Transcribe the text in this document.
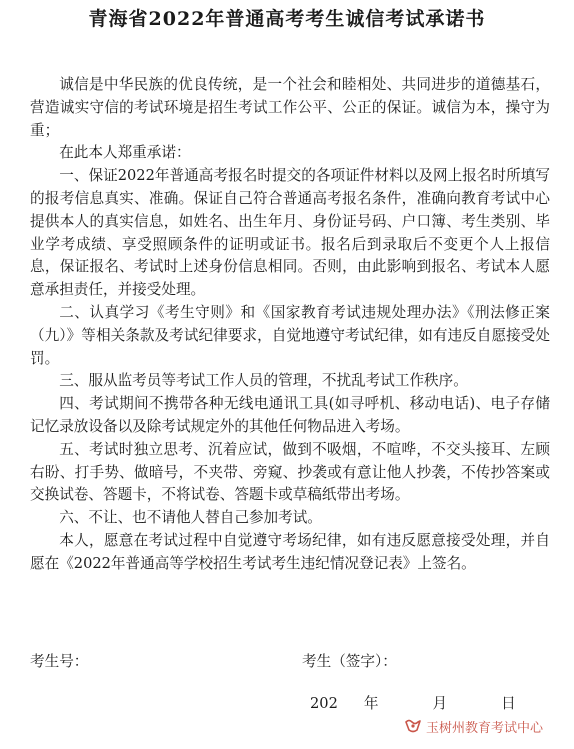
青海省2022年普通高考考生诚信考试承诺书

诚信是中华民族的优良传统，是一个社会和睦相处、共同进步的道德基石，营造诚实守信的考试环境是招生考试工作公平、公正的保证。诚信为本，操守为重；

在此本人郑重承诺：

一、保证2022年普通高考报名时提交的各项证件材料以及网上报名时所填写的报考信息真实、准确。保证自己符合普通高考报名条件，准确向教育考试中心提供本人的真实信息，如姓名、出生年月、身份证号码、户口簿、考生类别、毕业学考成绩、享受照顾条件的证明或证书。报名后到录取后不变更个人上报信息，保证报名、考试时上述身份信息相同。否则，由此影响到报名、考试本人愿意承担责任，并接受处理。

二、认真学习《考生守则》和《国家教育考试违规处理办法》《刑法修正案（九）》等相关条款及考试纪律要求，自觉地遵守考试纪律，如有违反自愿接受处罚。

三、服从监考员等考试工作人员的管理，不扰乱考试工作秩序。

四、考试期间不携带各种无线电通讯工具(如寻呼机、移动电话)、电子存储记忆录放设备以及除考试规定外的其他任何物品进入考场。

五、考试时独立思考、沉着应试，做到不吸烟，不喧哗，不交头接耳、左顾右盼、打手势、做暗号，不夹带、旁窥、抄袭或有意让他人抄袭，不传抄答案或交换试卷、答题卡，不将试卷、答题卡或草稿纸带出考场。

六、不让、也不请他人替自己参加考试。

本人，愿意在考试过程中自觉遵守考场纪律，如有违反愿意接受处理，并自愿在《2022年普通高等学校招生考试考生违纪情况登记表》上签名。

考生号：	考生（签字）：
202 年	月	日
玉树州教育考试中心
